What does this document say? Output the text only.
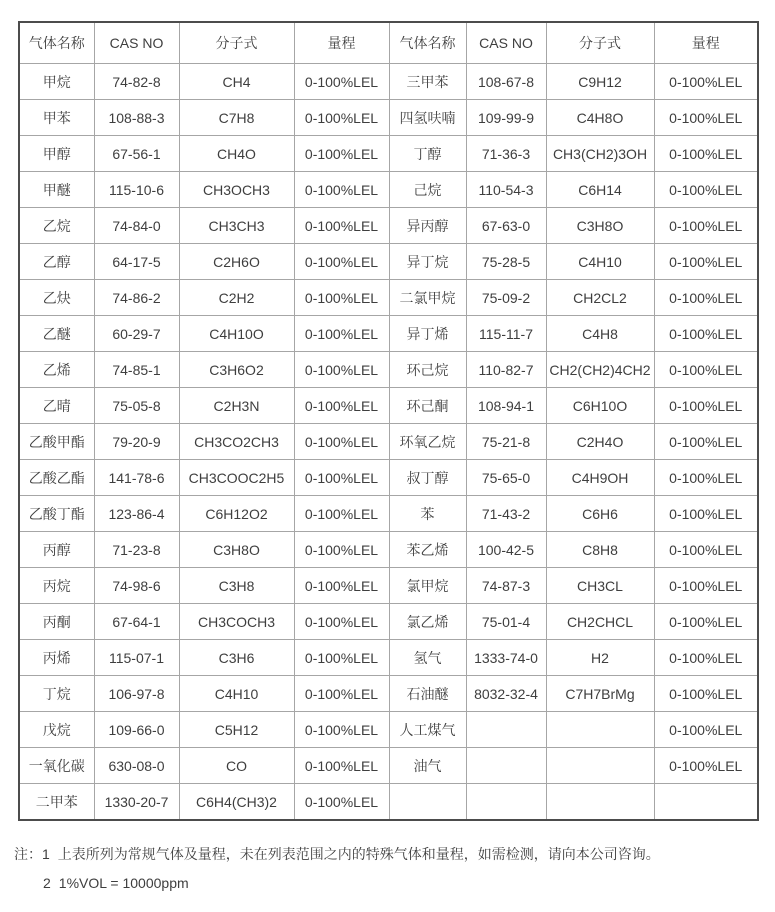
气体名称	CAS NO	分子式	量程	气体名称	CAS NO	分子式	量程
甲烷	74-82-8	CH4	0-100%LEL	三甲苯	108-67-8	C9H12	0-100%LEL
甲苯	108-88-3	C7H8	0-100%LEL	四氢呋喃	109-99-9	C4H8O	0-100%LEL
甲醇	67-56-1	CH4O	0-100%LEL	丁醇	71-36-3	CH3(CH2)3OH	0-100%LEL
甲醚	115-10-6	CH3OCH3	0-100%LEL	己烷	110-54-3	C6H14	0-100%LEL
乙烷	74-84-0	CH3CH3	0-100%LEL	异丙醇	67-63-0	C3H8O	0-100%LEL
乙醇	64-17-5	C2H6O	0-100%LEL	异丁烷	75-28-5	C4H10	0-100%LEL
乙炔	74-86-2	C2H2	0-100%LEL	二氯甲烷	75-09-2	CH2CL2	0-100%LEL
乙醚	60-29-7	C4H10O	0-100%LEL	异丁烯	115-11-7	C4H8	0-100%LEL
乙烯	74-85-1	C3H6O2	0-100%LEL	环己烷	110-82-7	CH2(CH2)4CH2	0-100%LEL
乙晴	75-05-8	C2H3N	0-100%LEL	环己酮	108-94-1	C6H10O	0-100%LEL
乙酸甲酯	79-20-9	CH3CO2CH3	0-100%LEL	环氧乙烷	75-21-8	C2H4O	0-100%LEL
乙酸乙酯	141-78-6	CH3COOC2H5	0-100%LEL	叔丁醇	75-65-0	C4H9OH	0-100%LEL
乙酸丁酯	123-86-4	C6H12O2	0-100%LEL	苯	71-43-2	C6H6	0-100%LEL
丙醇	71-23-8	C3H8O	0-100%LEL	苯乙烯	100-42-5	C8H8	0-100%LEL
丙烷	74-98-6	C3H8	0-100%LEL	氯甲烷	74-87-3	CH3CL	0-100%LEL
丙酮	67-64-1	CH3COCH3	0-100%LEL	氯乙烯	75-01-4	CH2CHCL	0-100%LEL
丙烯	115-07-1	C3H6	0-100%LEL	氢气	1333-74-0	H2	0-100%LEL
丁烷	106-97-8	C4H10	0-100%LEL	石油醚	8032-32-4	C7H7BrMg	0-100%LEL
戊烷	109-66-0	C5H12	0-100%LEL	人工煤气			0-100%LEL
一氧化碳	630-08-0	CO	0-100%LEL	油气			0-100%LEL
二甲苯	1330-20-7	C6H4(CH3)2	0-100%LEL				
注：1 上表所列为常规气体及量程，未在列表范围之内的特殊气体和量程，如需检测，请向本公司咨询。
2 1%VOL = 10000ppm
